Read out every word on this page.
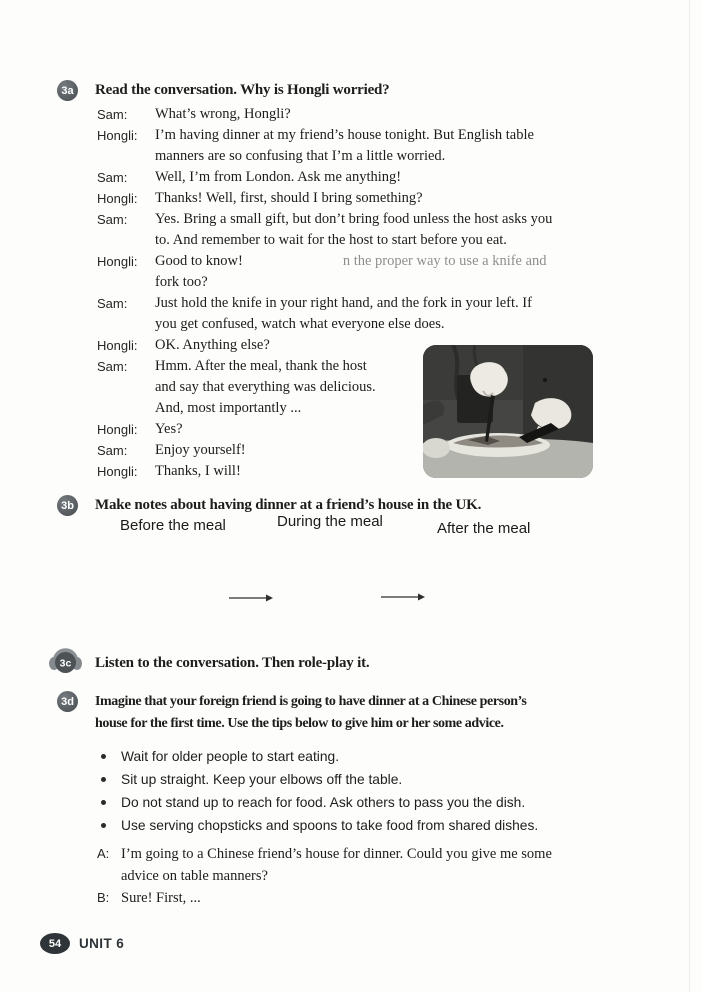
3a Read the conversation. Why is Hongli worried?
Sam:	What’s wrong, Hongli?
Hongli:	I’m having dinner at my friend’s house tonight. But English table
manners are so confusing that I’m a little worried.
Sam:	Well, I’m from London. Ask me anything!
Hongli:	Thanks! Well, first, should I bring something?
Sam:	Yes. Bring a small gift, but don’t bring food unless the host asks you
to. And remember to wait for the host to start before you eat.
Hongli:	Good to know!	n the proper way to use a knife and
fork too?
Sam:	Just hold the knife in your right hand, and the fork in your left. If
you get confused, watch what everyone else does.
Hongli:	OK. Anything else?
Sam:	Hmm. After the meal, thank the host
and say that everything was delicious.
And, most importantly ...
Hongli:	Yes?
Sam:	Enjoy yourself!
Hongli:	Thanks, I will!
3b Make notes about having dinner at a friend’s house in the UK.
Before the meal	During the meal	After the meal
3c Listen to the conversation. Then role-play it.
3d Imagine that your foreign friend is going to have dinner at a Chinese person’s
house for the first time. Use the tips below to give him or her some advice.
Wait for older people to start eating.
Sit up straight. Keep your elbows off the table.
Do not stand up to reach for food. Ask others to pass you the dish.
Use serving chopsticks and spoons to take food from shared dishes.
A: I’m going to a Chinese friend’s house for dinner. Could you give me some
advice on table manners?
B: Sure! First, ...
54	UNIT 6
